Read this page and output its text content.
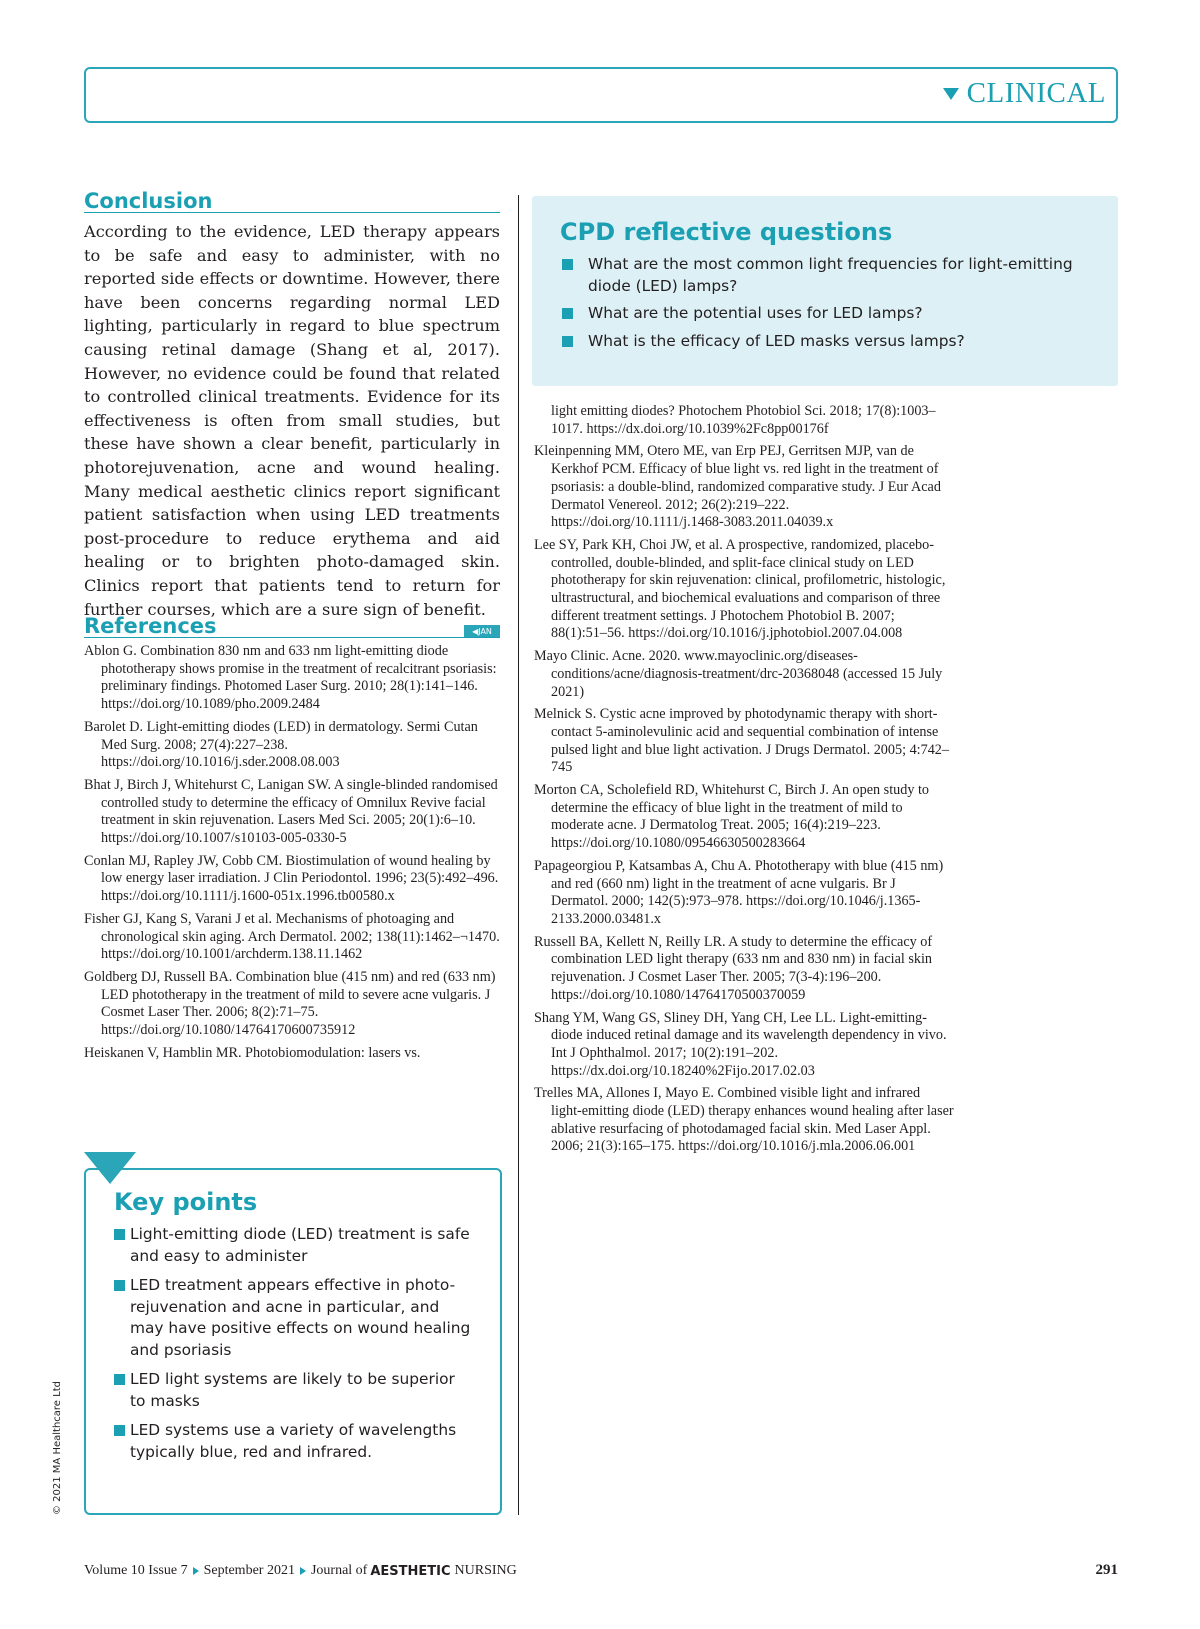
CLINICAL
Conclusion
According to the evidence, LED therapy appears to be safe and easy to administer, with no reported side effects or downtime. However, there have been concerns regarding normal LED lighting, particularly in regard to blue spectrum causing retinal damage (Shang et al, 2017). However, no evidence could be found that related to controlled clinical treatments. Evidence for its effectiveness is often from small studies, but these have shown a clear benefit, particularly in photorejuvenation, acne and wound healing. Many medical aesthetic clinics report significant patient satisfaction when using LED treatments post-procedure to reduce erythema and aid healing or to brighten photo-damaged skin. Clinics report that patients tend to return for further courses, which are a sure sign of benefit.
◀JAN
References

Ablon G. Combination 830 nm and 633 nm light-emitting diode phototherapy shows promise in the treatment of recalcitrant psoriasis: preliminary findings. Photomed Laser Surg. 2010; 28(1):141–146. https://doi.org/10.1089/pho.2009.2484

Barolet D. Light-emitting diodes (LED) in dermatology. Sermi Cutan Med Surg. 2008; 27(4):227–238. https://doi.org/10.1016/j.sder.2008.08.003

Bhat J, Birch J, Whitehurst C, Lanigan SW. A single-blinded randomised controlled study to determine the efficacy of Omnilux Revive facial treatment in skin rejuvenation. Lasers Med Sci. 2005; 20(1):6–10. https://doi.org/10.1007/s10103-005-0330-5

Conlan MJ, Rapley JW, Cobb CM. Biostimulation of wound healing by low energy laser irradiation. J Clin Periodontol. 1996; 23(5):492–496. https://doi.org/10.1111/j.1600-051x.1996.tb00580.x

Fisher GJ, Kang S, Varani J et al. Mechanisms of photoaging and chronological skin aging. Arch Dermatol. 2002; 138(11):1462–¬1470. https://doi.org/10.1001/archderm.138.11.1462

Goldberg DJ, Russell BA. Combination blue (415 nm) and red (633 nm) LED phototherapy in the treatment of mild to severe acne vulgaris. J Cosmet Laser Ther. 2006; 8(2):71–75. https://doi.org/10.1080/14764170600735912

Heiskanen V, Hamblin MR. Photobiomodulation: lasers vs.

CPD reflective questions
What are the most common light frequencies for light-emitting diode (LED) lamps?
What are the potential uses for LED lamps?
What is the efficacy of LED masks versus lamps?

light emitting diodes? Photochem Photobiol Sci. 2018; 17(8):1003–1017. https://dx.doi.org/10.1039%2Fc8pp00176f

Kleinpenning MM, Otero ME, van Erp PEJ, Gerritsen MJP, van de Kerkhof PCM. Efficacy of blue light vs. red light in the treatment of psoriasis: a double-blind, randomized comparative study. J Eur Acad Dermatol Venereol. 2012; 26(2):219–222. https://doi.org/10.1111/j.1468-3083.2011.04039.x

Lee SY, Park KH, Choi JW, et al. A prospective, randomized, placebo-controlled, double-blinded, and split-face clinical study on LED phototherapy for skin rejuvenation: clinical, profilometric, histologic, ultrastructural, and biochemical evaluations and comparison of three different treatment settings. J Photochem Photobiol B. 2007; 88(1):51–56. https://doi.org/10.1016/j.jphotobiol.2007.04.008

Mayo Clinic. Acne. 2020. www.mayoclinic.org/diseases-conditions/acne/diagnosis-treatment/drc-20368048 (accessed 15 July 2021)

Melnick S. Cystic acne improved by photodynamic therapy with short-contact 5-aminolevulinic acid and sequential combination of intense pulsed light and blue light activation. J Drugs Dermatol. 2005; 4:742–745

Morton CA, Scholefield RD, Whitehurst C, Birch J. An open study to determine the efficacy of blue light in the treatment of mild to moderate acne. J Dermatolog Treat. 2005; 16(4):219–223. https://doi.org/10.1080/09546630500283664

Papageorgiou P, Katsambas A, Chu A. Phototherapy with blue (415 nm) and red (660 nm) light in the treatment of acne vulgaris. Br J Dermatol. 2000; 142(5):973–978. https://doi.org/10.1046/j.1365-2133.2000.03481.x

Russell BA, Kellett N, Reilly LR. A study to determine the efficacy of combination LED light therapy (633 nm and 830 nm) in facial skin rejuvenation. J Cosmet Laser Ther. 2005; 7(3-4):196–200. https://doi.org/10.1080/14764170500370059

Shang YM, Wang GS, Sliney DH, Yang CH, Lee LL. Light-emitting-diode induced retinal damage and its wavelength dependency in vivo. Int J Ophthalmol. 2017; 10(2):191–202. https://dx.doi.org/10.18240%2Fijo.2017.02.03

Trelles MA, Allones I, Mayo E. Combined visible light and infrared light-emitting diode (LED) therapy enhances wound healing after laser ablative resurfacing of photodamaged facial skin. Med Laser Appl. 2006; 21(3):165–175. https://doi.org/10.1016/j.mla.2006.06.001

Key points
Light-emitting diode (LED) treatment is safe and easy to administer
LED treatment appears effective in photo-rejuvenation and acne in particular, and may have positive effects on wound healing and psoriasis
LED light systems are likely to be superior to masks
LED systems use a variety of wavelengths typically blue, red and infrared.
© 2021 MA Healthcare Ltd
Volume 10 Issue 7 September 2021 Journal of AESTHETIC NURSING	291
